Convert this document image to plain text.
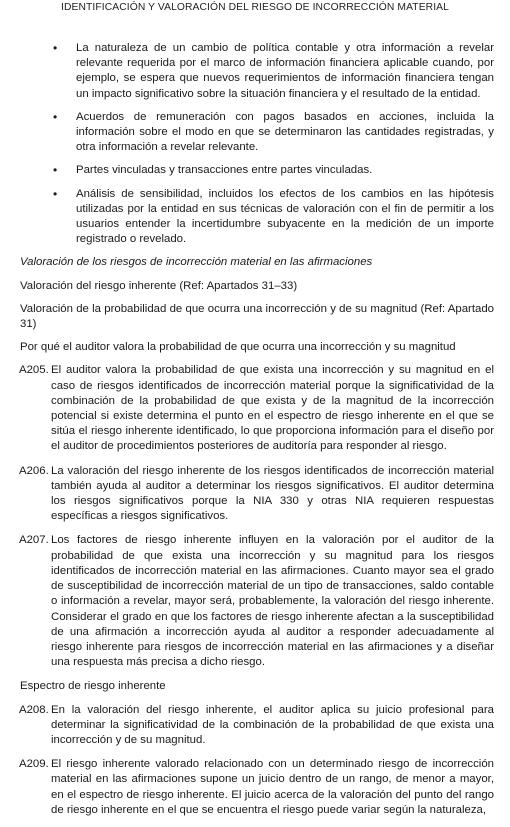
IDENTIFICACIÓN Y VALORACIÓN DEL RIESGO DE INCORRECCIÓN MATERIAL
• La naturaleza de un cambio de política contable y otra información a revelar relevante requerida por el marco de información financiera aplicable cuando, por ejemplo, se espera que nuevos requerimientos de información financiera tengan un impacto significativo sobre la situación financiera y el resultado de la entidad.
• Acuerdos de remuneración con pagos basados en acciones, incluida la información sobre el modo en que se determinaron las cantidades registradas, y otra información a revelar relevante.
• Partes vinculadas y transacciones entre partes vinculadas.
• Análisis de sensibilidad, incluidos los efectos de los cambios en las hipótesis utilizadas por la entidad en sus técnicas de valoración con el fin de permitir a los usuarios entender la incertidumbre subyacente en la medición de un importe registrado o revelado.

Valoración de los riesgos de incorrección material en las afirmaciones

Valoración del riesgo inherente (Ref: Apartados 31–33)

Valoración de la probabilidad de que ocurra una incorrección y de su magnitud (Ref: Apartado 31)

Por qué el auditor valora la probabilidad de que ocurra una incorrección y su magnitud

A205. El auditor valora la probabilidad de que exista una incorrección y su magnitud en el caso de riesgos identificados de incorrección material porque la significatividad de la combinación de la probabilidad de que exista y de la magnitud de la incorrección potencial si existe determina el punto en el espectro de riesgo inherente en el que se sitúa el riesgo inherente identificado, lo que proporciona información para el diseño por el auditor de procedimientos posteriores de auditoría para responder al riesgo.
A206. La valoración del riesgo inherente de los riesgos identificados de incorrección material también ayuda al auditor a determinar los riesgos significativos. El auditor determina los riesgos significativos porque la NIA 330 y otras NIA requieren respuestas específicas a riesgos significativos.
A207. Los factores de riesgo inherente influyen en la valoración por el auditor de la probabilidad de que exista una incorrección y su magnitud para los riesgos identificados de incorrección material en las afirmaciones. Cuanto mayor sea el grado de susceptibilidad de incorrección material de un tipo de transacciones, saldo contable o información a revelar, mayor será, probablemente, la valoración del riesgo inherente. Considerar el grado en que los factores de riesgo inherente afectan a la susceptibilidad de una afirmación a incorrección ayuda al auditor a responder adecuadamente al riesgo inherente para riesgos de incorrección material en las afirmaciones y a diseñar una respuesta más precisa a dicho riesgo.

Espectro de riesgo inherente

A208. En la valoración del riesgo inherente, el auditor aplica su juicio profesional para determinar la significatividad de la combinación de la probabilidad de que exista una incorrección y de su magnitud.
A209. El riesgo inherente valorado relacionado con un determinado riesgo de incorrección material en las afirmaciones supone un juicio dentro de un rango, de menor a mayor, en el espectro de riesgo inherente. El juicio acerca de la valoración del punto del rango de riesgo inherente en el que se encuentra el riesgo puede variar según la naturaleza,
